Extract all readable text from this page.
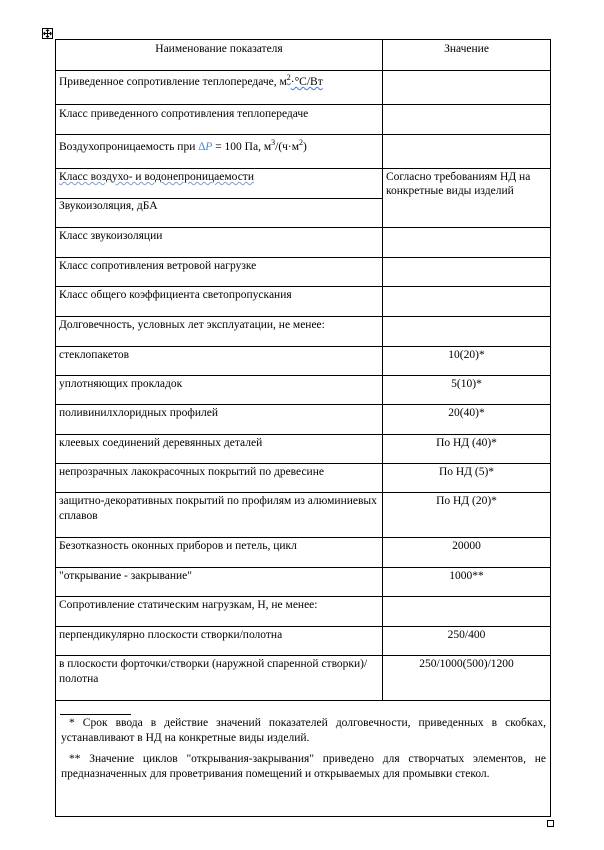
Наименование показателя	Значение
Приведенное сопротивление теплопередаче, $м^2\cdot^\circ С/Вт$	
Класс приведенного сопротивления теплопередаче	
Воздухопроницаемость при ∆Р = 100 Па, $м^3/(ч\cdot м^2)$	
Класс воздухо- и водонепроницаемости	Согласно требованиям НД на конкретные виды изделий
Звукоизоляция, дБА	
Класс звукоизоляции	
Класс сопротивления ветровой нагрузке	
Класс общего коэффициента светопропускания	
Долговечность, условных лет эксплуатации, не менее:	
стеклопакетов	10(20)*
уплотняющих прокладок	5(10)*
поливинилхлоридных профилей	20(40)*
клеевых соединений деревянных деталей	По НД (40)*
непрозрачных лакокрасочных покрытий по древесине	По НД (5)*
защитно-декоративных покрытий по профилям из алюминиевых сплавов	По НД (20)*
Безотказность оконных приборов и петель, цикл	20000
"открывание - закрывание"	1000**
Сопротивление статическим нагрузкам, Н, не менее:	
перпендикулярно плоскости створки/полотна	250/400
в плоскости форточки/створки (наружной спаренной створки)/полотна	250/1000(500)/1200

* Срок ввода в действие значений показателей долговечности, приведенных в скобках, устанавливают в НД на конкретные виды изделий.
** Значение циклов "открывания-закрывания" приведено для створчатых элементов, не предназначенных для проветривания помещений и открываемых для промывки стекол.	
